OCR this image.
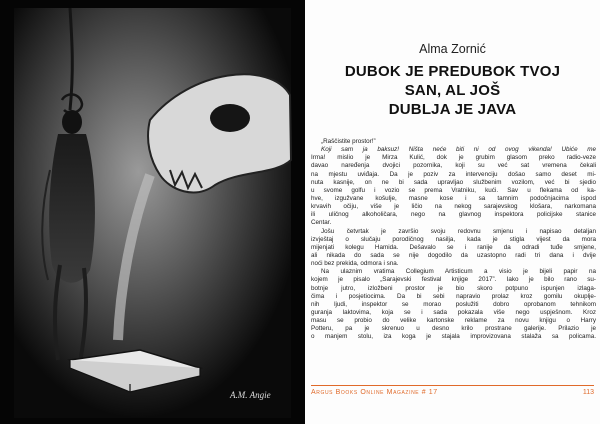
A.M. Angie
Alma Zornić
DUBOK JE PREDUBOK TVOJ
SAN, AL JOŠ
DUBLJA JE JAVA
„Raščistite prostor!”
Koji sam ja baksuz! Ništa neće biti ni od ovog vikenda! Ubiće me
Irma! mislio je Mirza Kulić, dok je grubim glasom preko radio-veze
davao naređenja dvojici pozornika, koji su već sat vremena čekali
na mjestu uviđaja. Da je poziv za intervenciju došao samo deset mi-
nuta kasnije, on ne bi sada upravljao službenim vozilom, već bi sjedio
u svome golfu i vozio se prema Vratniku, kući. Sav u flekama od ka-
hve, izgužvane košulje, masne kose i sa tamnim podočnjacima ispod
krvavih očiju, više je ličio na nekog sarajevskog klošara, narkomana
ili uličnog alkoholičara, nego na glavnog inspektora policijske stanice
Centar.
Jošu četvrtak je završio svoju redovnu smjenu i napisao detaljan
izvještaj o slučaju porodičnog nasilja, kada je stigla vijest da mora
mijenjati kolegu Hamida. Dešavalo se i ranije da odradi tuđe smjene,
ali nikada do sada se nije dogodilo da uzastopno radi tri dana i dvije
noći bez prekida, odmora i sna.
Na ulaznim vratima Collegium Artisticum a visio je bijeli papir na
kojem je pisalo „Sarajevski festival knjige 2017”. Iako je bilo rano su-
botnje jutro, izložbeni prostor je bio skoro potpuno ispunjen izlaga-
čima i posjetiocima. Da bi sebi napravio prolaz kroz gomilu okuplje-
nih ljudi, inspektor se morao poslužiti dobro oprobanom tehnikom
guranja laktovima, koja se i sada pokazala više nego uspješnom. Kroz
masu se probio do velike kartonske reklame za novu knjigu o Harry
Potteru, pa je skrenuo u desno krilo prostrane galerije. Prilazio je
o manjem stolu, iza koga je stajala improvizovana stalaža sa policama.
Argus Books Online Magazine # 17	113
